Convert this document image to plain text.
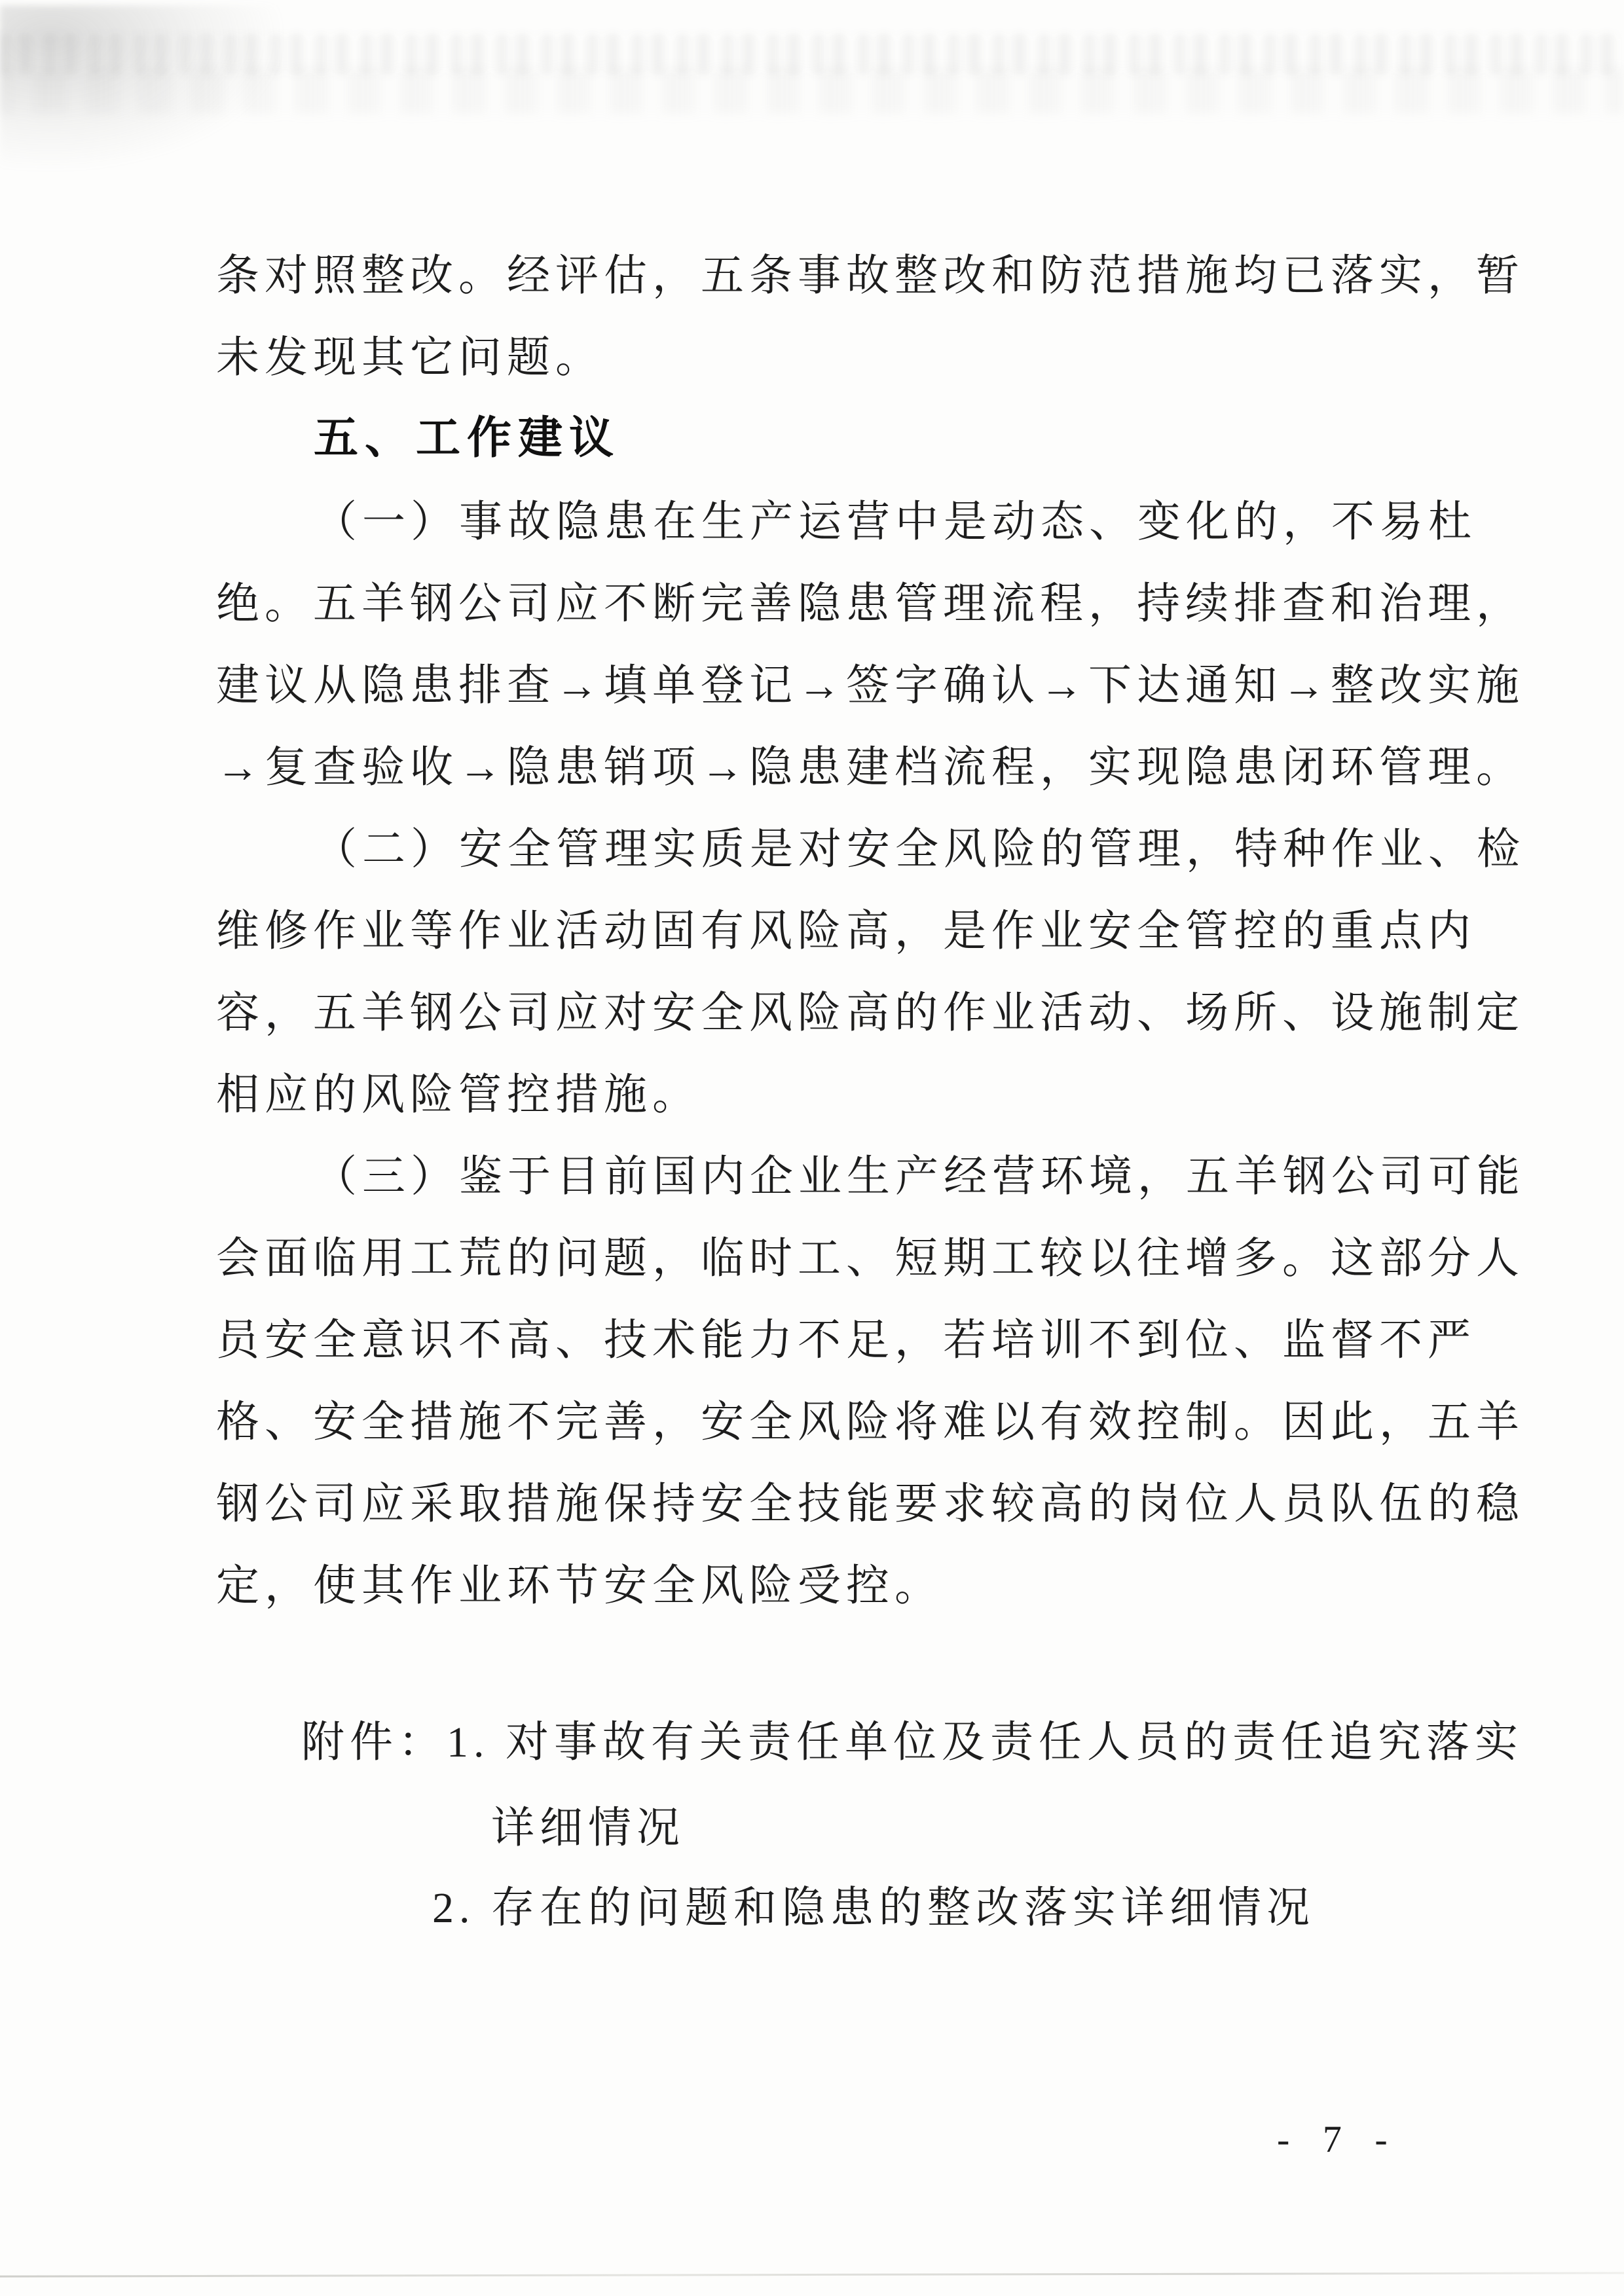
条对照整改。经评估，五条事故整改和防范措施均已落实，暂
未发现其它问题。
五、工作建议
（一）事故隐患在生产运营中是动态、变化的，不易杜
绝。五羊钢公司应不断完善隐患管理流程，持续排查和治理，
建议从隐患排查→填单登记→签字确认→下达通知→整改实施
→复查验收→隐患销项→隐患建档流程，实现隐患闭环管理。
（二）安全管理实质是对安全风险的管理，特种作业、检
维修作业等作业活动固有风险高，是作业安全管控的重点内
容，五羊钢公司应对安全风险高的作业活动、场所、设施制定
相应的风险管控措施。
（三）鉴于目前国内企业生产经营环境，五羊钢公司可能
会面临用工荒的问题，临时工、短期工较以往增多。这部分人
员安全意识不高、技术能力不足，若培训不到位、监督不严
格、安全措施不完善，安全风险将难以有效控制。因此，五羊
钢公司应采取措施保持安全技能要求较高的岗位人员队伍的稳
定，使其作业环节安全风险受控。
附件：1. 对事故有关责任单位及责任人员的责任追究落实
详细情况
2. 存在的问题和隐患的整改落实详细情况
- 7 -
